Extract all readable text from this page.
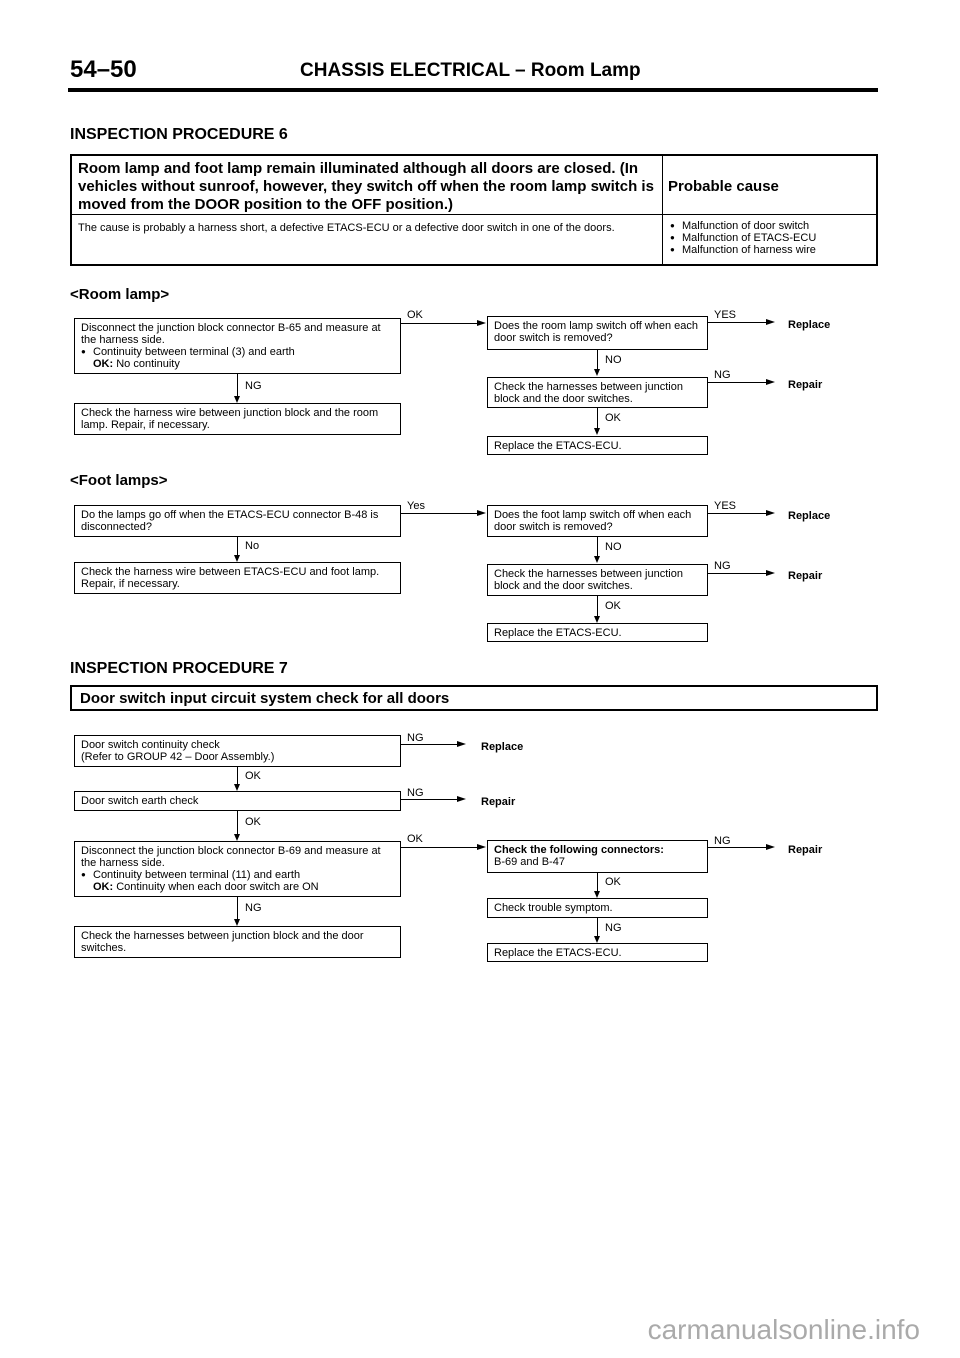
54–50	CHASSIS ELECTRICAL – Room Lamp
INSPECTION PROCEDURE 6
Room lamp and foot lamp remain illuminated although all doors are closed. (In vehicles without sunroof, however, they switch off when the room lamp switch is moved from the DOOR position to the OFF position.)
Probable cause
The cause is probably a harness short, a defective ETACS-ECU or a defective door switch in one of the doors.
●	Malfunction of door switch
● Malfunction of ETACS-ECU
● Malfunction of harness wire
<Room lamp>
Disconnect the junction block connector B-65 and measure at the harness side.
● Continuity between terminal (3) and earth
OK: No continuity
OK
NG
Check the harness wire between junction block and the room lamp. Repair, if necessary.
Does the room lamp switch off when each door switch is removed?
YES
Replace
NO
Check the harnesses between junction block and the door switches.
NG
Repair
OK
Replace the ETACS-ECU.
<Foot lamps>
Do the lamps go off when the ETACS-ECU connector B-48 is disconnected?
Yes
No
Check the harness wire between ETACS-ECU and foot lamp. Repair, if necessary.
Does the foot lamp switch off when each door switch is removed?
YES
Replace
NO
Check the harnesses between junction block and the door switches.
NG
Repair
OK
Replace the ETACS-ECU.
INSPECTION PROCEDURE 7
Door switch input circuit system check for all doors
Door switch continuity check
(Refer to GROUP 42 – Door Assembly.)
NG
Replace
OK
Door switch earth check
NG
Repair
OK
Disconnect the junction block connector B-69 and measure at the harness side.
● Continuity between terminal (11) and earth
OK: Continuity when each door switch are ON
OK
NG
Check the harnesses between junction block and the door switches.
Check the following connectors:
B-69 and B-47
NG
Repair
OK
Check trouble symptom.
NG
Replace the ETACS-ECU.
carmanualsonline.info
